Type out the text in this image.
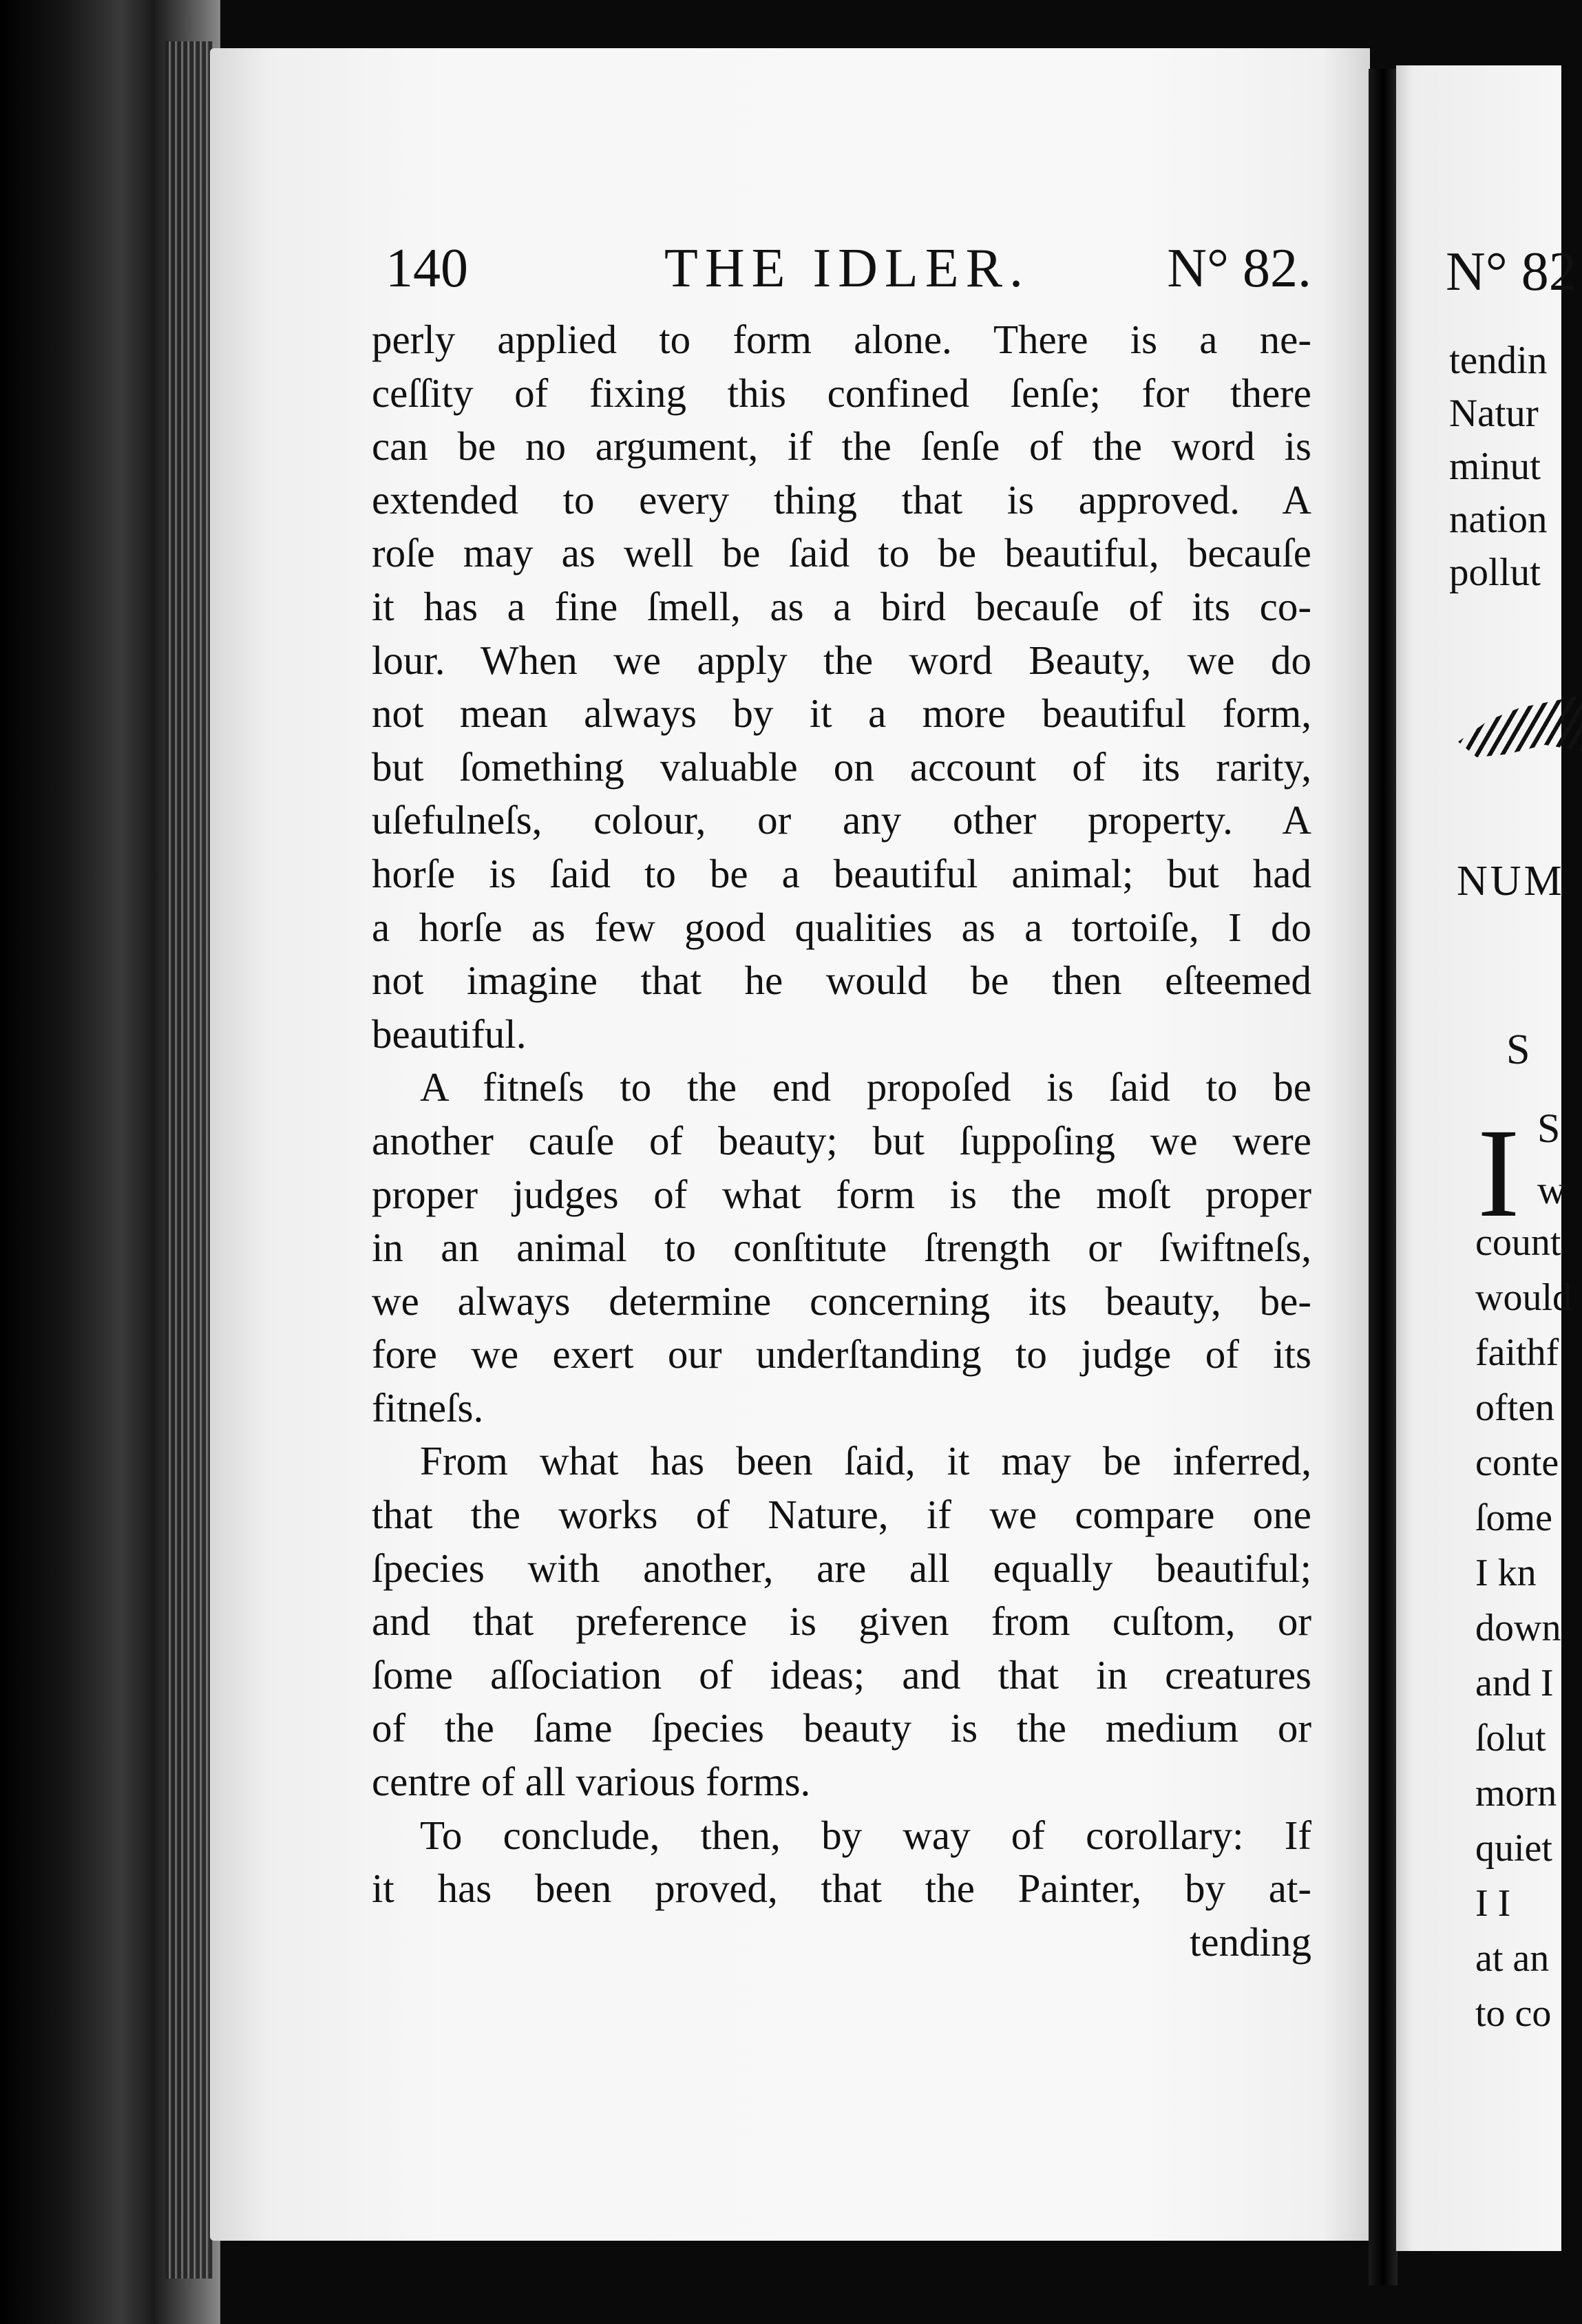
140	THE IDLER. N° 82.
perly applied to form alone. There is a ne-
ceſſity of fixing this confined ſenſe; for there
can be no argument, if the ſenſe of the word is
extended to every thing that is approved. A
roſe may as well be ſaid to be beautiful, becauſe
it has a fine ſmell, as a bird becauſe of its co-
lour. When we apply the word Beauty, we do
not mean always by it a more beautiful form,
but ſomething valuable on account of its rarity,
uſefulneſs, colour, or any other property. A
horſe is ſaid to be a beautiful animal; but had
a horſe as few good qualities as a tortoiſe, I do
not imagine that he would be then eſteemed
beautiful.
A fitneſs to the end propoſed is ſaid to be
another cauſe of beauty; but ſuppoſing we were
proper judges of what form is the moſt proper
in an animal to conſtitute ſtrength or ſwiftneſs,
we always determine concerning its beauty, be-
fore we exert our underſtanding to judge of its
fitneſs.
From what has been ſaid, it may be inferred,
that the works of Nature, if we compare one
ſpecies with another, are all equally beautiful;
and that preference is given from cuſtom, or
ſome aſſociation of ideas; and that in creatures
of the ſame ſpecies beauty is the medium or
centre of all various forms.
To conclude, then, by way of corollary: If
it has been proved, that the Painter, by at-
tending
N° 82
tendin
Natur
minut
nation
pollut
NUM
S
I S
w
count
would
faithf
often
conte
ſome
I kn
down
and I
ſolut
morn
quiet
I I
at an
to co
